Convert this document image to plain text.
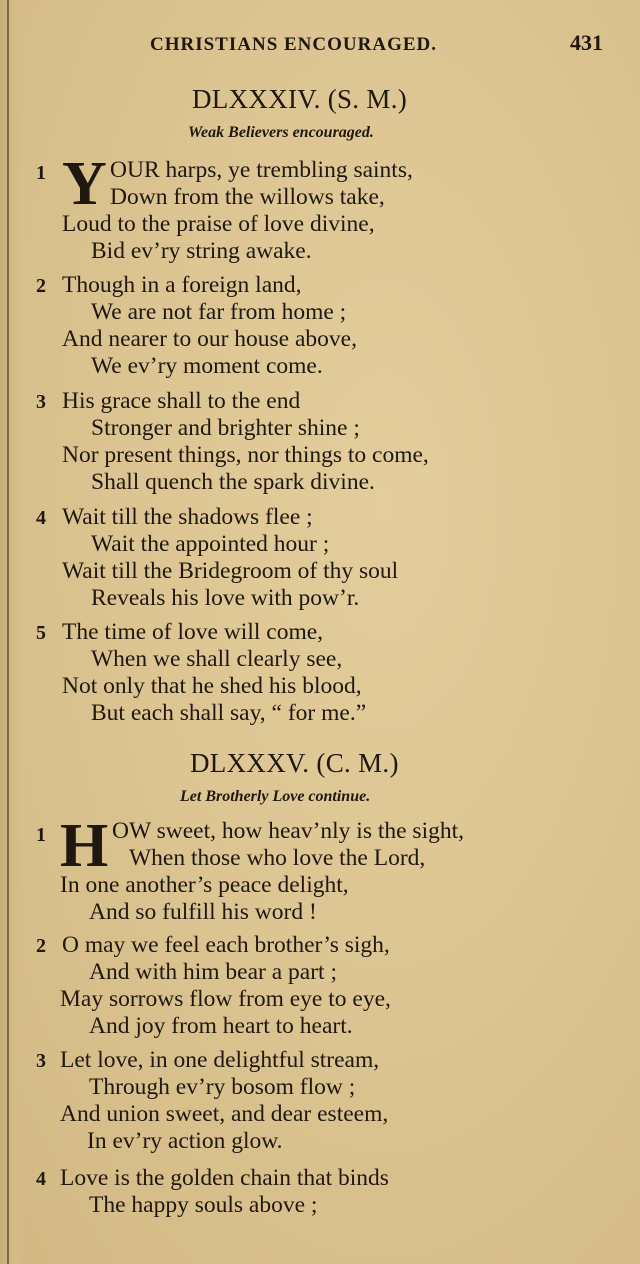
CHRISTIANS ENCOURAGED.	431
DLXXXIV. (S. M.)
Weak Believers encouraged.
1 Y OUR harps, ye trembling saints,
Down from the willows take,
Loud to the praise of love divine,
Bid ev’ry string awake.
2 Though in a foreign land,
We are not far from home ;
And nearer to our house above,
We ev’ry moment come.
3 His grace shall to the end
Stronger and brighter shine ;
Nor present things, nor things to come,
Shall quench the spark divine.
4 Wait till the shadows flee ;
Wait the appointed hour ;
Wait till the Bridegroom of thy soul
Reveals his love with pow’r.
5 The time of love will come,
When we shall clearly see,
Not only that he shed his blood,
But each shall say, “ for me.”
DLXXXV. (C. M.)
Let Brotherly Love continue.
1 H OW sweet, how heav’nly is the sight,
When those who love the Lord,
In one another’s peace delight,
And so fulfill his word !
2 O may we feel each brother’s sigh,
And with him bear a part ;
May sorrows flow from eye to eye,
And joy from heart to heart.
3 Let love, in one delightful stream,
Through ev’ry bosom flow ;
And union sweet, and dear esteem,
In ev’ry action glow.
4 Love is the golden chain that binds
The happy souls above ;
